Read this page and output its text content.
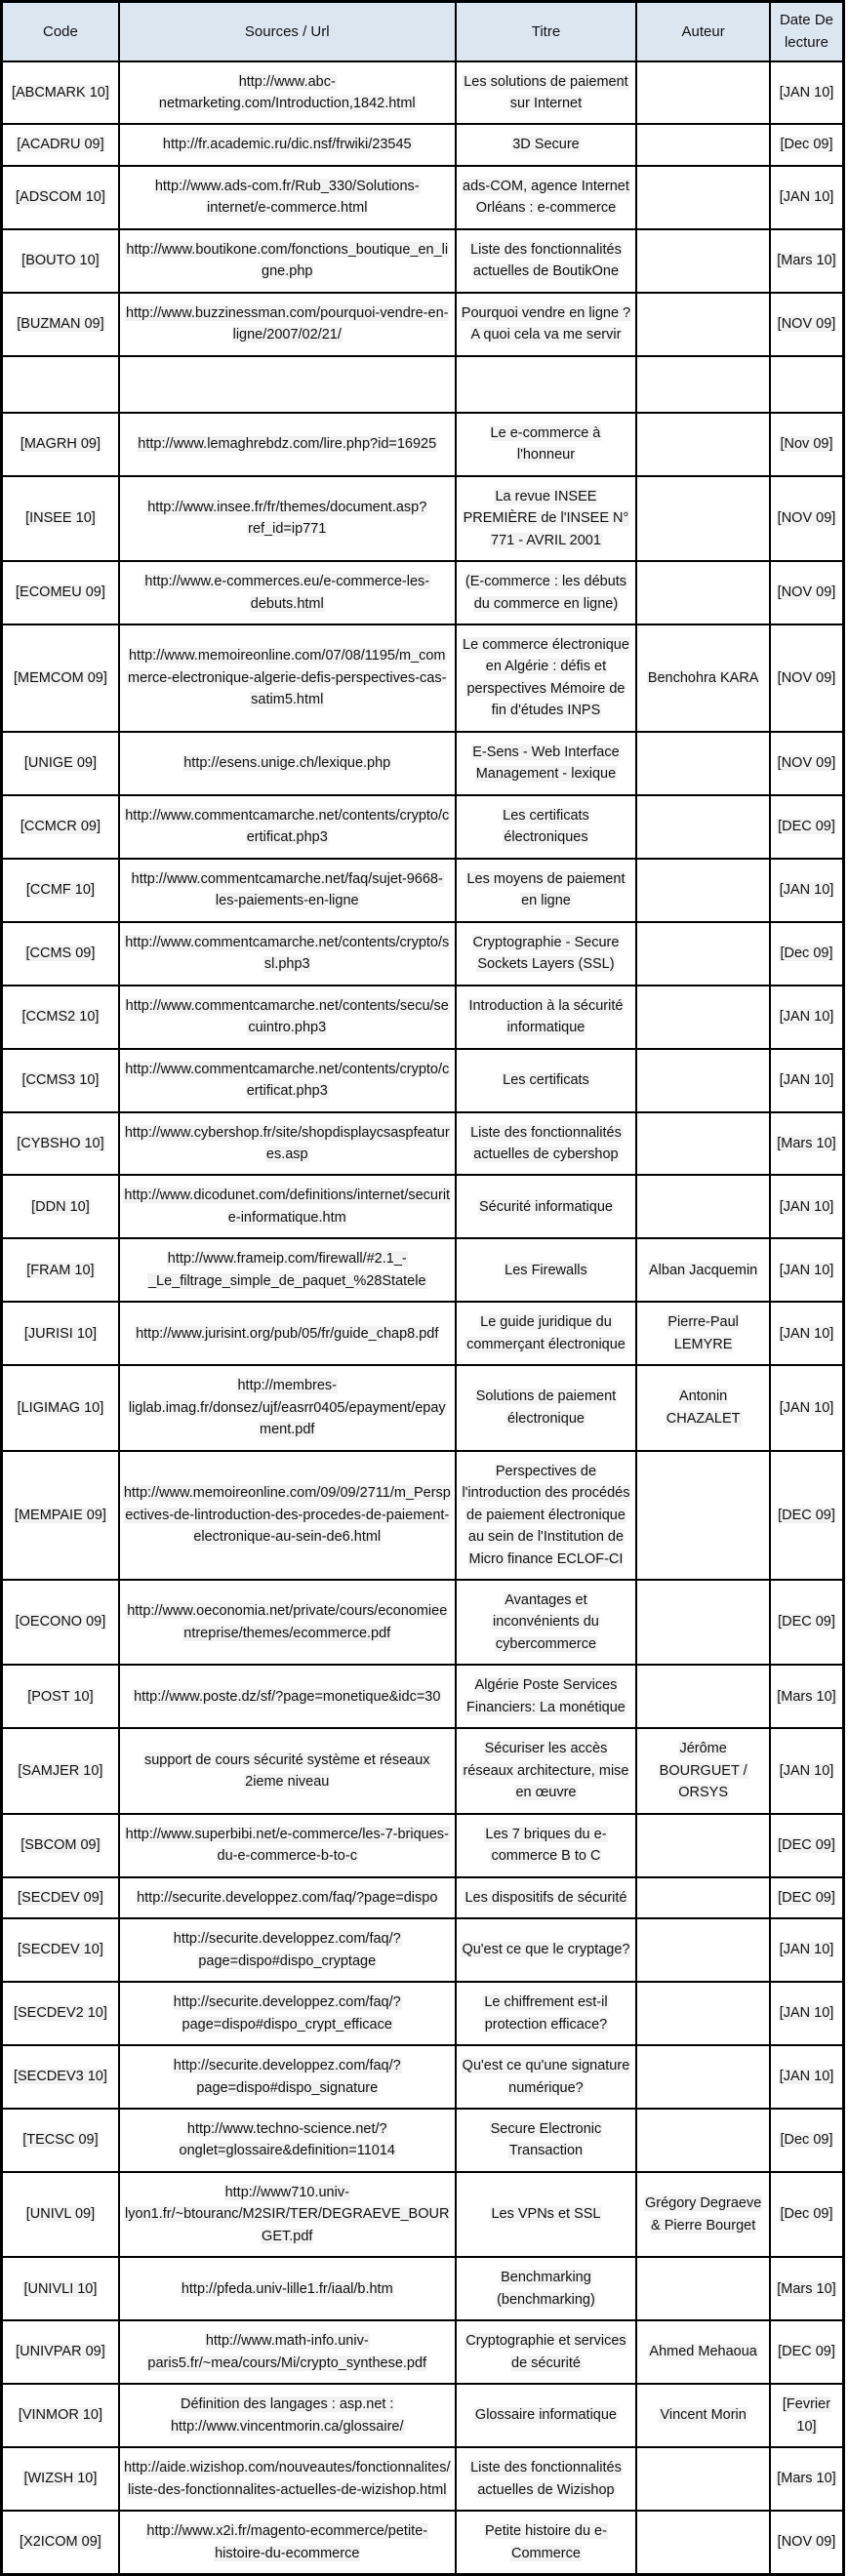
Code	Sources / Url	Titre	Auteur	Date De lecture
[ABCMARK 10]	http://www.abc-netmarketing.com/Introduction,1842.html	Les solutions de paiement sur Internet		[JAN 10]
[ACADRU 09]	http://fr.academic.ru/dic.nsf/frwiki/23545	3D Secure		[Dec 09]
[ADSCOM 10]	http://www.ads-com.fr/Rub_330/Solutions-internet/e-commerce.html	ads-COM, agence Internet Orléans : e-commerce		[JAN 10]
[BOUTO 10]	http://www.boutikone.com/fonctions_boutique_en_ligne.php	Liste des fonctionnalités actuelles de BoutikOne		[Mars 10]
[BUZMAN 09]	http://www.buzzinessman.com/pourquoi-vendre-en-ligne/2007/02/21/	Pourquoi vendre en ligne ? A quoi cela va me servir		[NOV 09]

[MAGRH 09]	http://www.lemaghrebdz.com/lire.php?id=16925	Le e-commerce à l'honneur		[Nov 09]
[INSEE 10]	http://www.insee.fr/fr/themes/document.asp?ref_id=ip771	La revue INSEE PREMIÈRE de l'INSEE N° 771 - AVRIL 2001		[NOV 09]
[ECOMEU 09]	http://www.e-commerces.eu/e-commerce-les-debuts.html	(E-commerce : les débuts du commerce en ligne)		[NOV 09]
[MEMCOM 09]	http://www.memoireonline.com/07/08/1195/m_commerce-electronique-algerie-defis-perspectives-cas-satim5.html	Le commerce électronique en Algérie : défis et perspectives Mémoire de fin d'études INPS	Benchohra KARA	[NOV 09]
[UNIGE 09]	http://esens.unige.ch/lexique.php	E-Sens - Web Interface Management - lexique		[NOV 09]
[CCMCR 09]	http://www.commentcamarche.net/contents/crypto/certificat.php3	Les certificats électroniques		[DEC 09]
[CCMF 10]	http://www.commentcamarche.net/faq/sujet-9668-les-paiements-en-ligne	Les moyens de paiement en ligne		[JAN 10]
[CCMS 09]	http://www.commentcamarche.net/contents/crypto/ssl.php3	Cryptographie - Secure Sockets Layers (SSL)		[Dec 09]
[CCMS2 10]	http://www.commentcamarche.net/contents/secu/secuintro.php3	Introduction à la sécurité informatique		[JAN 10]
[CCMS3 10]	http://www.commentcamarche.net/contents/crypto/certificat.php3	Les certificats		[JAN 10]
[CYBSHO 10]	http://www.cybershop.fr/site/shopdisplaycsaspfeatures.asp	Liste des fonctionnalités actuelles de cybershop		[Mars 10]
[DDN 10]	http://www.dicodunet.com/definitions/internet/securite-informatique.htm	Sécurité informatique		[JAN 10]
[FRAM 10]	http://www.frameip.com/firewall/#2.1_-_Le_filtrage_simple_de_paquet_%28Statele	Les Firewalls	Alban Jacquemin	[JAN 10]
[JURISI 10]	http://www.jurisint.org/pub/05/fr/guide_chap8.pdf	Le guide juridique du commerçant électronique	Pierre-Paul LEMYRE	[JAN 10]
[LIGIMAG 10]	http://membres-liglab.imag.fr/donsez/ujf/easrr0405/epayment/epayment.pdf	Solutions de paiement électronique	Antonin CHAZALET	[JAN 10]
[MEMPAIE 09]	http://www.memoireonline.com/09/09/2711/m_Perspectives-de-lintroduction-des-procedes-de-paiement-electronique-au-sein-de6.html	Perspectives de l'introduction des procédés de paiement électronique au sein de l'Institution de Micro finance ECLOF-CI		[DEC 09]
[OECONO 09]	http://www.oeconomia.net/private/cours/economieentreprise/themes/ecommerce.pdf	Avantages et inconvénients du cybercommerce		[DEC 09]
[POST 10]	http://www.poste.dz/sf/?page=monetique&idc=30	Algérie Poste Services Financiers: La monétique		[Mars 10]
[SAMJER 10]	support de cours sécurité système et réseaux 2ieme niveau	Sécuriser les accès réseaux architecture, mise en œuvre	Jérôme BOURGUET / ORSYS	[JAN 10]
[SBCOM 09]	http://www.superbibi.net/e-commerce/les-7-briques-du-e-commerce-b-to-c	Les 7 briques du e-commerce B to C		[DEC 09]
[SECDEV 09]	http://securite.developpez.com/faq/?page=dispo	Les dispositifs de sécurité		[DEC 09]
[SECDEV 10]	http://securite.developpez.com/faq/?page=dispo#dispo_cryptage	Qu'est ce que le cryptage?		[JAN 10]
[SECDEV2 10]	http://securite.developpez.com/faq/?page=dispo#dispo_crypt_efficace	Le chiffrement est-il protection efficace?		[JAN 10]
[SECDEV3 10]	http://securite.developpez.com/faq/?page=dispo#dispo_signature	Qu'est ce qu'une signature numérique?		[JAN 10]
[TECSC 09]	http://www.techno-science.net/?onglet=glossaire&definition=11014	Secure Electronic Transaction		[Dec 09]
[UNIVL 09]	http://www710.univ-lyon1.fr/~btouranc/M2SIR/TER/DEGRAEVE_BOURGET.pdf	Les VPNs et SSL	Grégory Degraeve & Pierre Bourget	[Dec 09]
[UNIVLI 10]	http://pfeda.univ-lille1.fr/iaal/b.htm	Benchmarking (benchmarking)		[Mars 10]
[UNIVPAR 09]	http://www.math-info.univ-paris5.fr/~mea/cours/Mi/crypto_synthese.pdf	Cryptographie et services de sécurité	Ahmed Mehaoua	[DEC 09]
[VINMOR 10]	Définition des langages : asp.net : http://www.vincentmorin.ca/glossaire/	Glossaire informatique	Vincent Morin	[Fevrier 10]
[WIZSH 10]	http://aide.wizishop.com/nouveautes/fonctionnalites/liste-des-fonctionnalites-actuelles-de-wizishop.html	Liste des fonctionnalités actuelles de Wizishop		[Mars 10]
[X2ICOM 09]	http://www.x2i.fr/magento-ecommerce/petite-histoire-du-ecommerce	Petite histoire du e-Commerce		[NOV 09]
